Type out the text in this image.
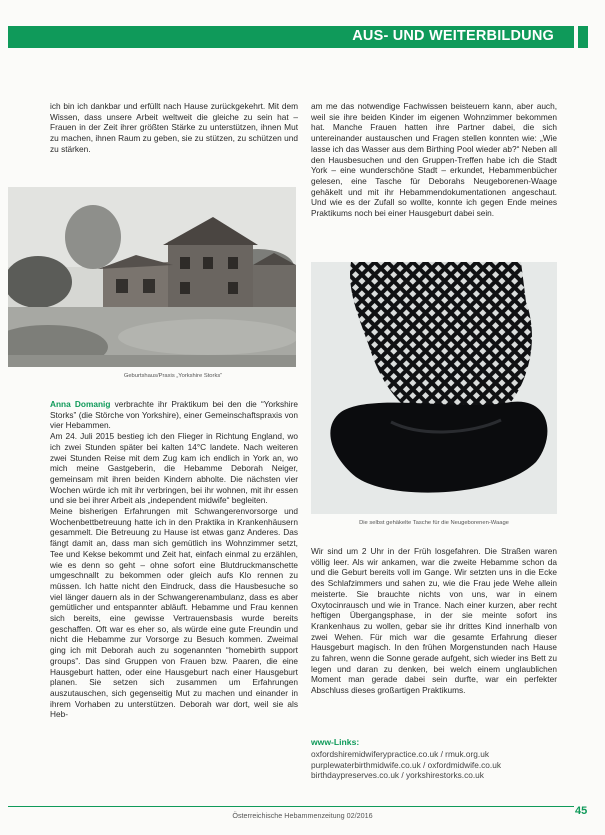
AUS- UND WEITERBILDUNG

ich bin ich dankbar und erfüllt nach Hause zurückgekehrt. Mit dem Wissen, dass unsere Arbeit weltweit die gleiche zu sein hat – Frauen in der Zeit ihrer größten Stärke zu unterstützen, ihnen Mut zu machen, ihnen Raum zu geben, sie zu stützen, zu schützen und zu stärken.

am me das notwendige Fachwissen beisteuern kann, aber auch, weil sie ihre beiden Kinder im eigenen Wohnzimmer bekommen hat. Manche Frauen hatten ihre Partner dabei, die sich untereinander austauschen und Fragen stellen konnten wie: „Wie lasse ich das Wasser aus dem Birthing Pool wieder ab?“ Neben all den Hausbesuchen und den Gruppen-Treffen habe ich die Stadt York – eine wunderschöne Stadt – erkundet, Hebammenbücher gelesen, eine Tasche für Deborahs Neugeborenen-Waage gehäkelt und mit ihr Hebammendokumentationen angeschaut. Und wie es der Zufall so wollte, konnte ich gegen Ende meines Praktikums noch bei einer Hausgeburt dabei sein.

Geburtshaus/Praxis „Yorkshire Storks“

Anna Domanig verbrachte ihr Praktikum bei den die “Yorkshire Storks” (die Störche von Yorkshire), einer Gemeinschaftspraxis von vier Hebammen.

Am 24. Juli 2015 bestieg ich den Flieger in Richtung England, wo ich zwei Stunden später bei kalten 14°C landete. Nach weiteren zwei Stunden Reise mit dem Zug kam ich endlich in York an, wo mich meine Gastgeberin, die Hebamme Deborah Neiger, gemeinsam mit ihren beiden Kindern abholte. Die nächsten vier Wochen würde ich mit ihr verbringen, bei ihr wohnen, mit ihr essen und sie bei ihrer Arbeit als „independent midwife“ begleiten.

Meine bisherigen Erfahrungen mit Schwangerenvorsorge und Wochenbettbetreuung hatte ich in den Praktika in Krankenhäusern gesammelt. Die Betreuung zu Hause ist etwas ganz Anderes. Das fängt damit an, dass man sich gemütlich ins Wohnzimmer setzt, Tee und Kekse bekommt und Zeit hat, einfach einmal zu erzählen, wie es denn so geht – ohne sofort eine Blutdruckmanschette umgeschnallt zu bekommen oder gleich aufs Klo rennen zu müssen. Ich hatte nicht den Eindruck, dass die Hausbesuche so viel länger dauern als in der Schwangerenambulanz, dass es aber gemütlicher und entspannter abläuft. Hebamme und Frau kennen sich bereits, eine gewisse Vertrauensbasis wurde bereits geschaffen. Oft war es eher so, als würde eine gute Freundin und nicht die Hebamme zur Vorsorge zu Besuch kommen. Zweimal ging ich mit Deborah auch zu sogenannten “homebirth support groups”. Das sind Gruppen von Frauen bzw. Paaren, die eine Hausgeburt hatten, oder eine Hausgeburt nach einer Hausgeburt planen. Sie setzen sich zusammen um Erfahrungen auszutauschen, sich gegenseitig Mut zu machen und einander in ihrem Vorhaben zu unterstützen. Deborah war dort, weil sie als Heb-

Die selbst gehäkelte Tasche für die Neugeborenen-Waage

Wir sind um 2 Uhr in der Früh losgefahren. Die Straßen waren völlig leer. Als wir ankamen, war die zweite Hebamme schon da und die Geburt bereits voll im Gange. Wir setzten uns in die Ecke des Schlafzimmers und sahen zu, wie die Frau jede Wehe allein meisterte. Sie brauchte nichts von uns, war in einem Oxytocinrausch und wie in Trance. Nach einer kurzen, aber recht heftigen Übergangsphase, in der sie meinte sofort ins Krankenhaus zu wollen, gebar sie ihr drittes Kind innerhalb von zwei Wehen. Für mich war die gesamte Erfahrung dieser Hausgeburt magisch. In den frühen Morgenstunden nach Hause zu fahren, wenn die Sonne gerade aufgeht, sich wieder ins Bett zu legen und daran zu denken, bei welch einem unglaublichen Moment man gerade dabei sein durfte, war ein perfekter Abschluss dieses großartigen Praktikums.

www-Links:
oxfordshiremidwiferypractice.co.uk / rmuk.org.uk
purplewaterbirthmidwife.co.uk / oxfordmidwife.co.uk
birthdaypreserves.co.uk / yorkshirestorks.co.uk
Österreichische Hebammenzeitung 02/2016	45
